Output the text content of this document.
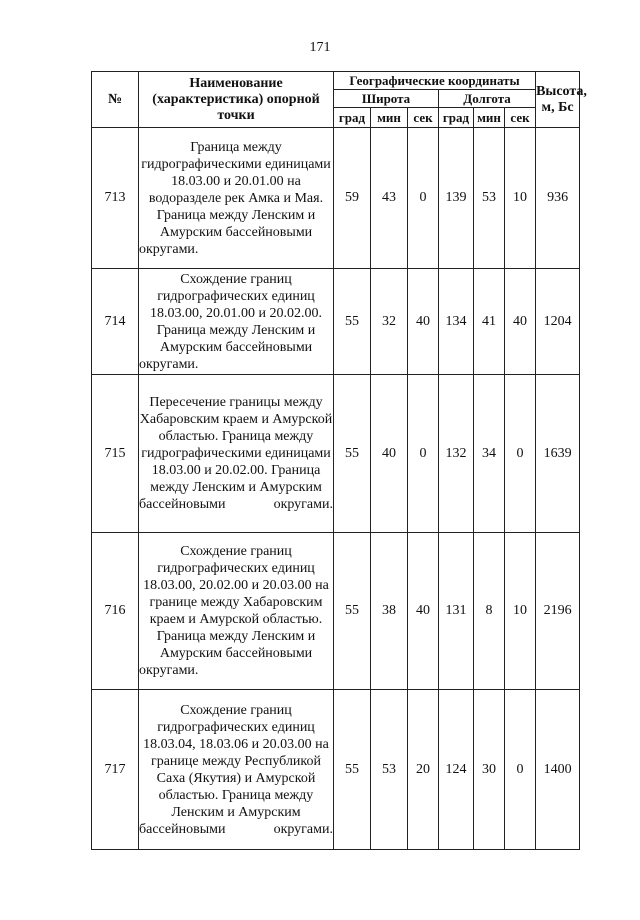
171
№	Наименование (характеристика) опорной точки	Географические координаты						Высота, м, Бс
		Широта			Долгота			
		град	мин	сек	град	мин	сек	
713	Граница между гидрографическими единицами 18.03.00 и 20.01.00 на водоразделе рек Амка и Мая. Граница между Ленским и Амурским бассейновыми округами.	59	43	0	139	53	10	936
714	Схождение границ гидрографических единиц 18.03.00, 20.01.00 и 20.02.00. Граница между Ленским и Амурским бассейновыми округами.	55	32	40	134	41	40	1204
715	Пересечение границы между Хабаровским краем и Амурской областью. Граница между гидрографическими единицами 18.03.00 и 20.02.00. Граница между Ленским и Амурским бассейновыми округами.	55	40	0	132	34	0	1639
716	Схождение границ гидрографических единиц 18.03.00, 20.02.00 и 20.03.00 на границе между Хабаровским краем и Амурской областью. Граница между Ленским и Амурским бассейновыми округами.	55	38	40	131	8	10	2196
717	Схождение границ гидрографических единиц 18.03.04, 18.03.06 и 20.03.00 на границе между Республикой Саха (Якутия) и Амурской областью. Граница между Ленским и Амурским бассейновыми округами.	55	53	20	124	30	0	1400
